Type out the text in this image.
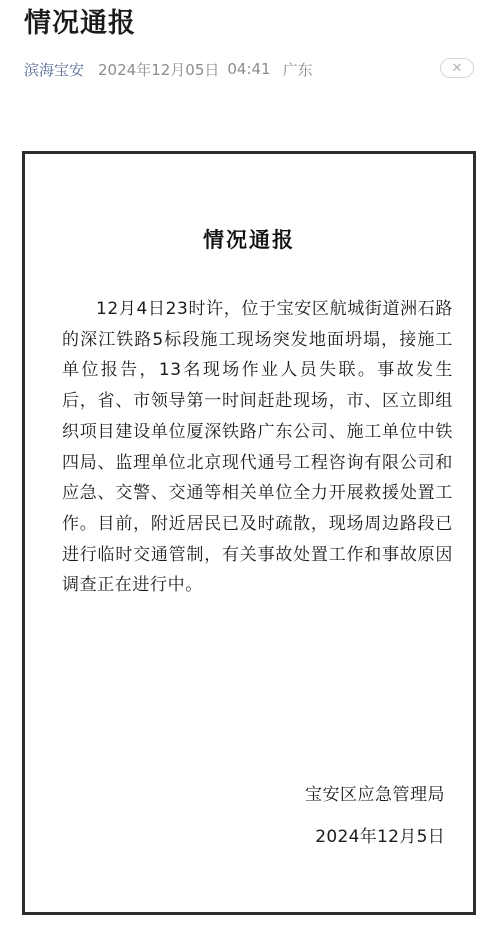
情况通报
滨海宝安 2024年12月05日 04:41 广东	✕
情况通报
12月4日23时许，位于宝安区航城街道洲石路的深江铁路5标段施工现场突发地面坍塌，接施工单位报告，13名现场作业人员失联。事故发生后，省、市领导第一时间赶赴现场，市、区立即组织项目建设单位厦深铁路广东公司、施工单位中铁四局、监理单位北京现代通号工程咨询有限公司和应急、交警、交通等相关单位全力开展救援处置工作。目前，附近居民已及时疏散，现场周边路段已进行临时交通管制，有关事故处置工作和事故原因调查正在进行中。
宝安区应急管理局
2024年12月5日
